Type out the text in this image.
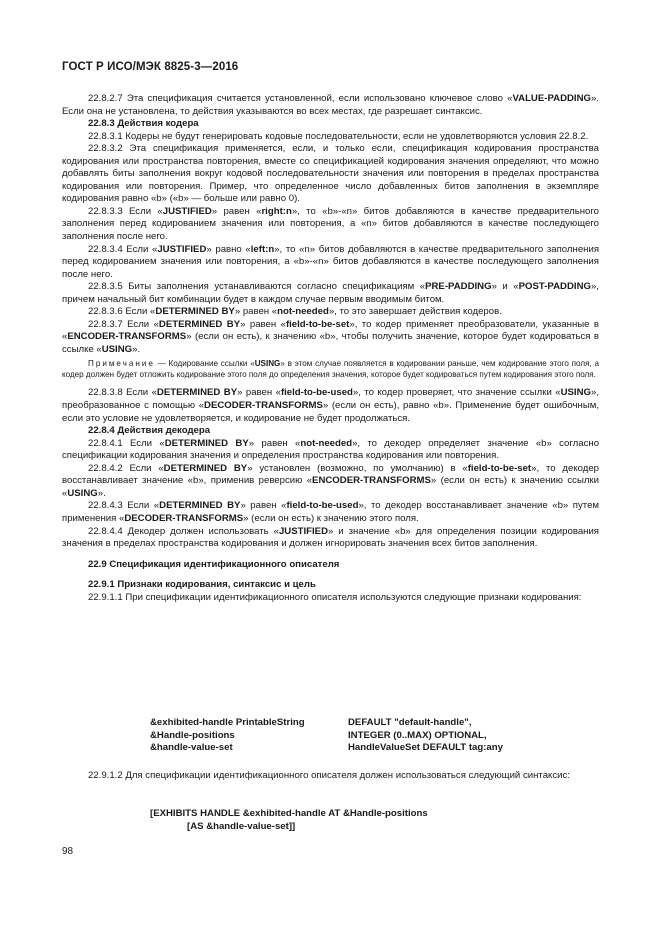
ГОСТ Р ИСО/МЭК 8825-3—2016

22.8.2.7 Эта спецификация считается установленной, если использовано ключевое слово «VALUE-PADDING». Если она не установлена, то действия указываются во всех местах, где разрешает синтаксис.

22.8.3 Действия кодера

22.8.3.1 Кодеры не будут генерировать кодовые последовательности, если не удовлетворяются условия 22.8.2.

22.8.3.2 Эта спецификация применяется, если, и только если, спецификация кодирования пространства кодирования или пространства повторения, вместе со спецификацией кодирования значения определяют, что можно добавлять биты заполнения вокруг кодовой последовательности значения или повторения в пределах пространства кодирования или повторения. Пример, что определенное число добавленных битов заполнения в экземпляре кодирования равно «b» («b» — больше или равно 0).

22.8.3.3 Если «JUSTIFIED» равен «right:n», то «b»-«n» битов добавляются в качестве предварительного заполнения перед кодированием значения или повторения, а «n» битов добавляются в качестве последующего заполнения после него.

22.8.3.4 Если «JUSTIFIED» равно «left:n», то «n» битов добавляются в качестве предварительного заполнения перед кодированием значения или повторения, а «b»-«n» битов добавляются в качестве последующего заполнения после него.

22.8.3.5 Биты заполнения устанавливаются согласно спецификациям «PRE-PADDING» и «POST-PADDING», причем начальный бит комбинации будет в каждом случае первым вводимым битом.

22.8.3.6 Если «DETERMINED BY» равен «not-needed», то это завершает действия кодеров.

22.8.3.7 Если «DETERMINED BY» равен «field-to-be-set», то кодер применяет преобразователи, указанные в «ENCODER-TRANSFORMS» (если он есть), к значению «b», чтобы получить значение, которое будет кодироваться в ссылке «USING».

Примечание — Кодирование ссылки «USING» в этом случае появляется в кодировании раньше, чем кодирование этого поля, а кодер должен будет отложить кодирование этого поля до определения значения, которое будет кодироваться путем кодирования этого поля.

22.8.3.8 Если «DETERMINED BY» равен «field-to-be-used», то кодер проверяет, что значение ссылки «USING», преобразованное с помощью «DECODER-TRANSFORMS» (если он есть), равно «b». Применение будет ошибочным, если это условие не удовлетворяется, и кодирование не будет продолжаться.

22.8.4 Действия декодера

22.8.4.1 Если «DETERMINED BY» равен «not-needed», то декодер определяет значение «b» согласно спецификации кодирования значения и определения пространства кодирования или повторения.

22.8.4.2 Если «DETERMINED BY» установлен (возможно, по умолчанию) в «field-to-be-set», то декодер восстанавливает значение «b», применив реверсию «ENCODER-TRANSFORMS» (если он есть) к значению ссылки «USING».

22.8.4.3 Если «DETERMINED BY» равен «field-to-be-used», то декодер восстанавливает значение «b» путем применения «DECODER-TRANSFORMS» (если он есть) к значению этого поля.

22.8.4.4 Декодер должен использовать «JUSTIFIED» и значение «b» для определения позиции кодирования значения в пределах пространства кодирования и должен игнорировать значения всех битов заполнения.

22.9 Спецификация идентификационного описателя

22.9.1 Признаки кодирования, синтаксис и цель

22.9.1.1 При спецификации идентификационного описателя используются следующие признаки кодирования:

&exhibited-handle PrintableString
&Handle-positions
&handle-value-set
DEFAULT "default-handle",
INTEGER (0..MAX) OPTIONAL,
HandleValueSet DEFAULT tag:any

22.9.1.2 Для спецификации идентификационного описателя должен использоваться следующий синтаксис:

[EXHIBITS HANDLE &exhibited-handle AT &Handle-positions
[AS &handle-value-set]]
98
